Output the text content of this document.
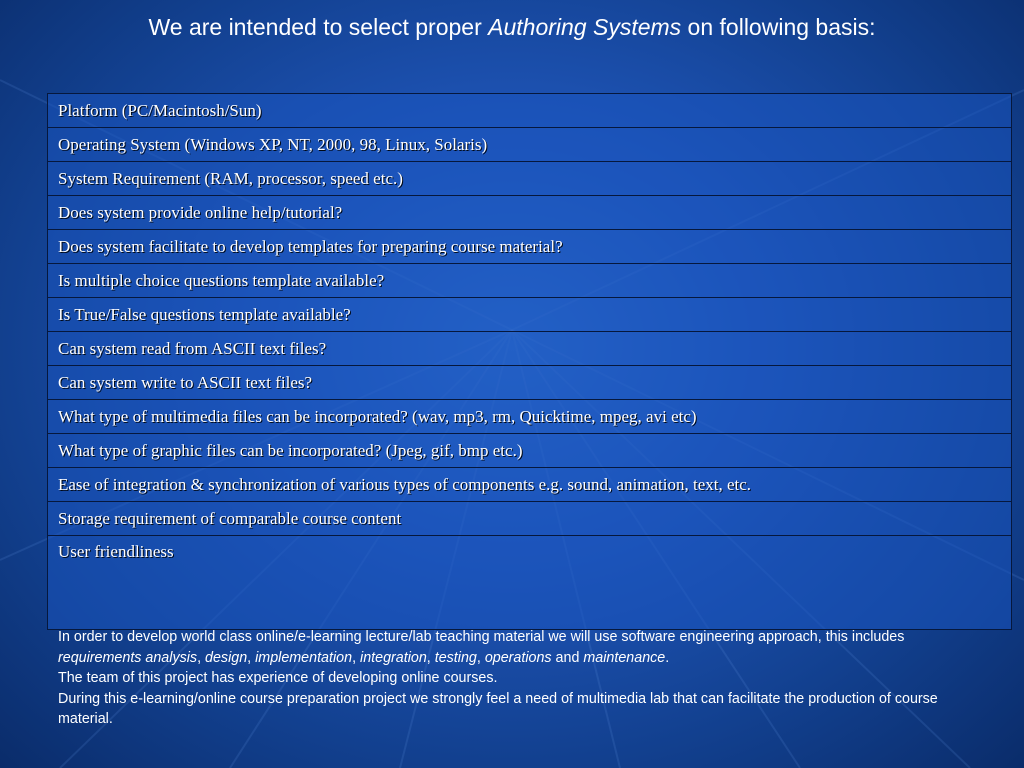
We are intended to select proper Authoring Systems on following basis:
Platform (PC/Macintosh/Sun)
Operating System (Windows XP, NT, 2000, 98, Linux, Solaris)
System Requirement (RAM, processor, speed etc.)
Does system provide online help/tutorial?
Does system facilitate to develop templates for preparing course material?
Is multiple choice questions template available?
Is True/False questions template available?
Can system read from ASCII text files?
Can system write to ASCII text files?
What type of multimedia files can be incorporated? (wav, mp3, rm, Quicktime, mpeg, avi etc)
What type of graphic files can be incorporated? (Jpeg, gif, bmp etc.)
Ease of integration & synchronization of various types of components e.g. sound, animation, text, etc.
Storage requirement of comparable course content
User friendliness

In order to develop world class online/e-learning lecture/lab teaching material we will use software engineering approach, this includes requirements analysis, design, implementation, integration, testing, operations and maintenance.

The team of this project has experience of developing online courses.

During this e-learning/online course preparation project we strongly feel a need of multimedia lab that can facilitate the production of course material.
